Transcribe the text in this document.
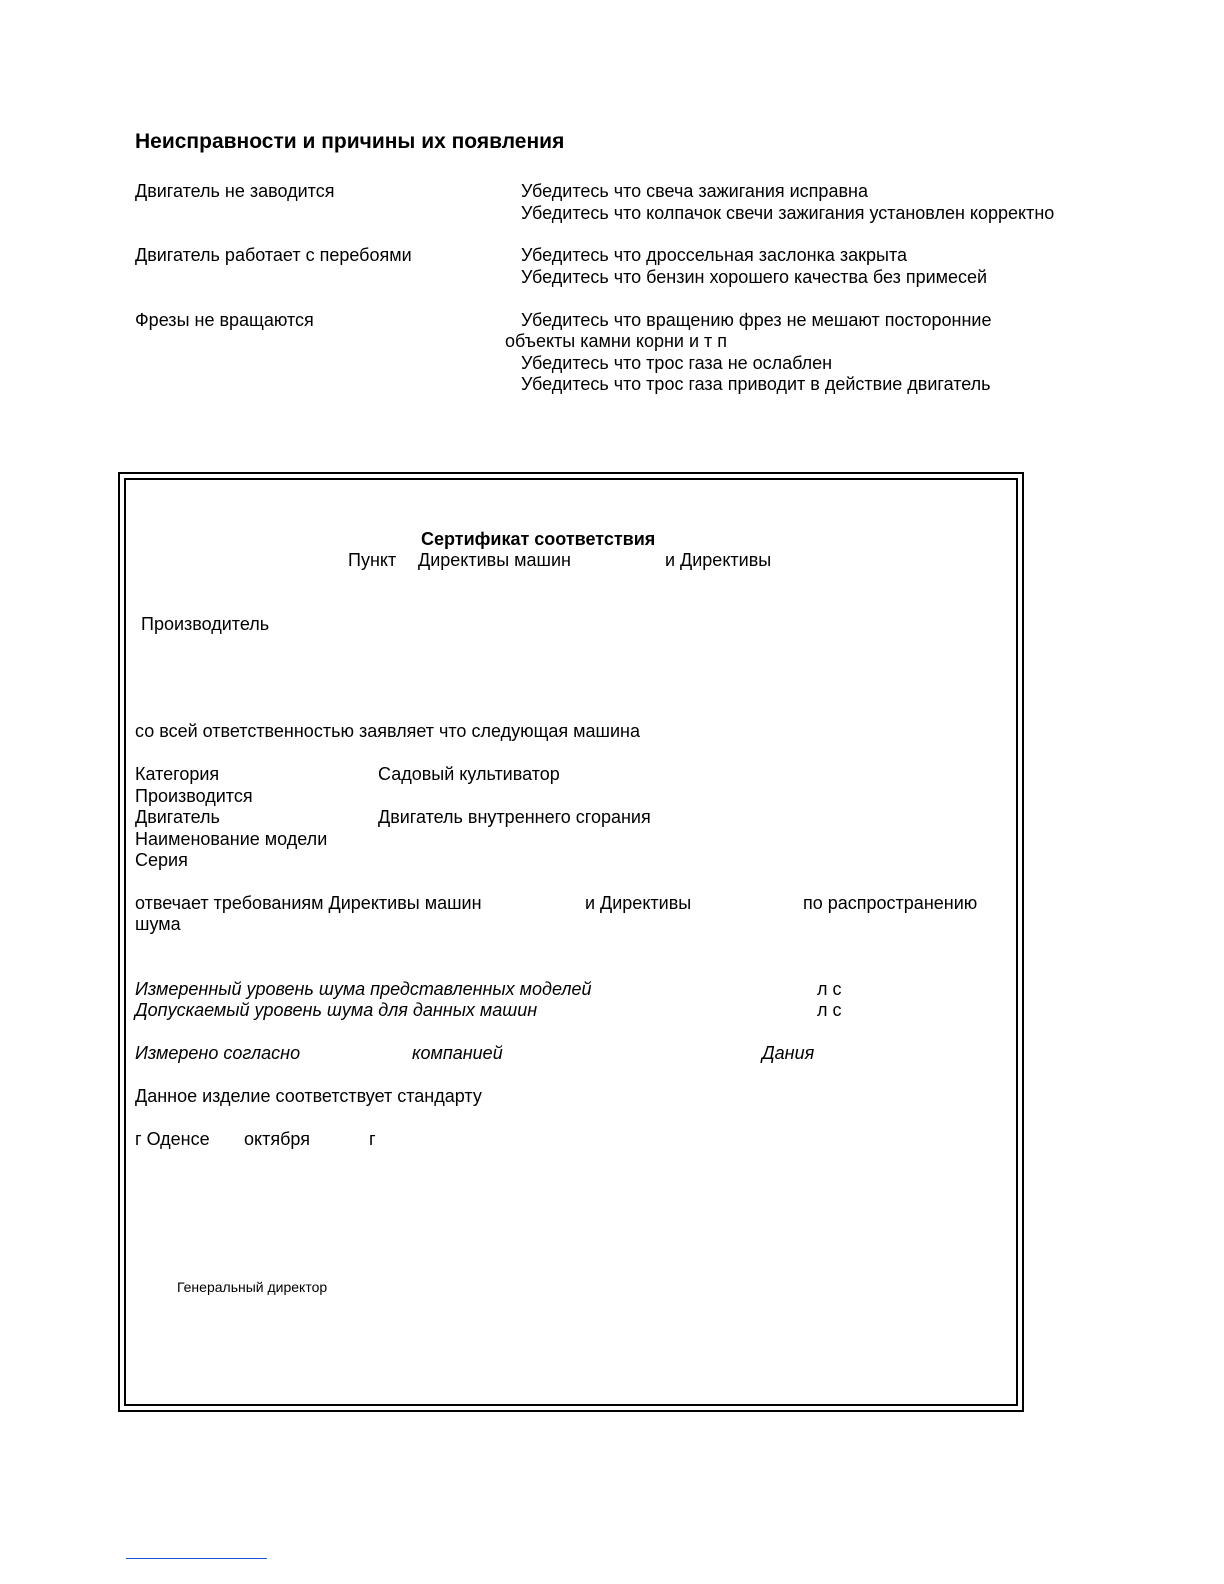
Неисправности и причины их появления
Двигатель не заводится	Убедитесь что свеча зажигания исправна
Убедитесь что колпачок свечи зажигания установлен корректно
Двигатель работает с перебоями	Убедитесь что дроссельная заслонка закрыта
Убедитесь что бензин хорошего качества без примесей
Фрезы не вращаются	Убедитесь что вращению фрез не мешают посторонние
объекты камни корни и т п
Убедитесь что трос газа не ослаблен
Убедитесь что трос газа приводит в действие двигатель
Сертификат соответствия
Пункт Директивы машин	и Директивы
Производитель
со всей ответственностью заявляет что следующая машина
Категория	Садовый культиватор
Производится
Двигатель	Двигатель внутреннего сгорания
Наименование модели
Серия
отвечает требованиям Директивы машин	и Директивы	по распространению
шума
Измеренный уровень шума представленных моделей	л с
Допускаемый уровень шума для данных машин	л с
Измерено согласно	компанией	Дания
Данное изделие соответствует стандарту
г Оденсе октября	г
Генеральный директор
